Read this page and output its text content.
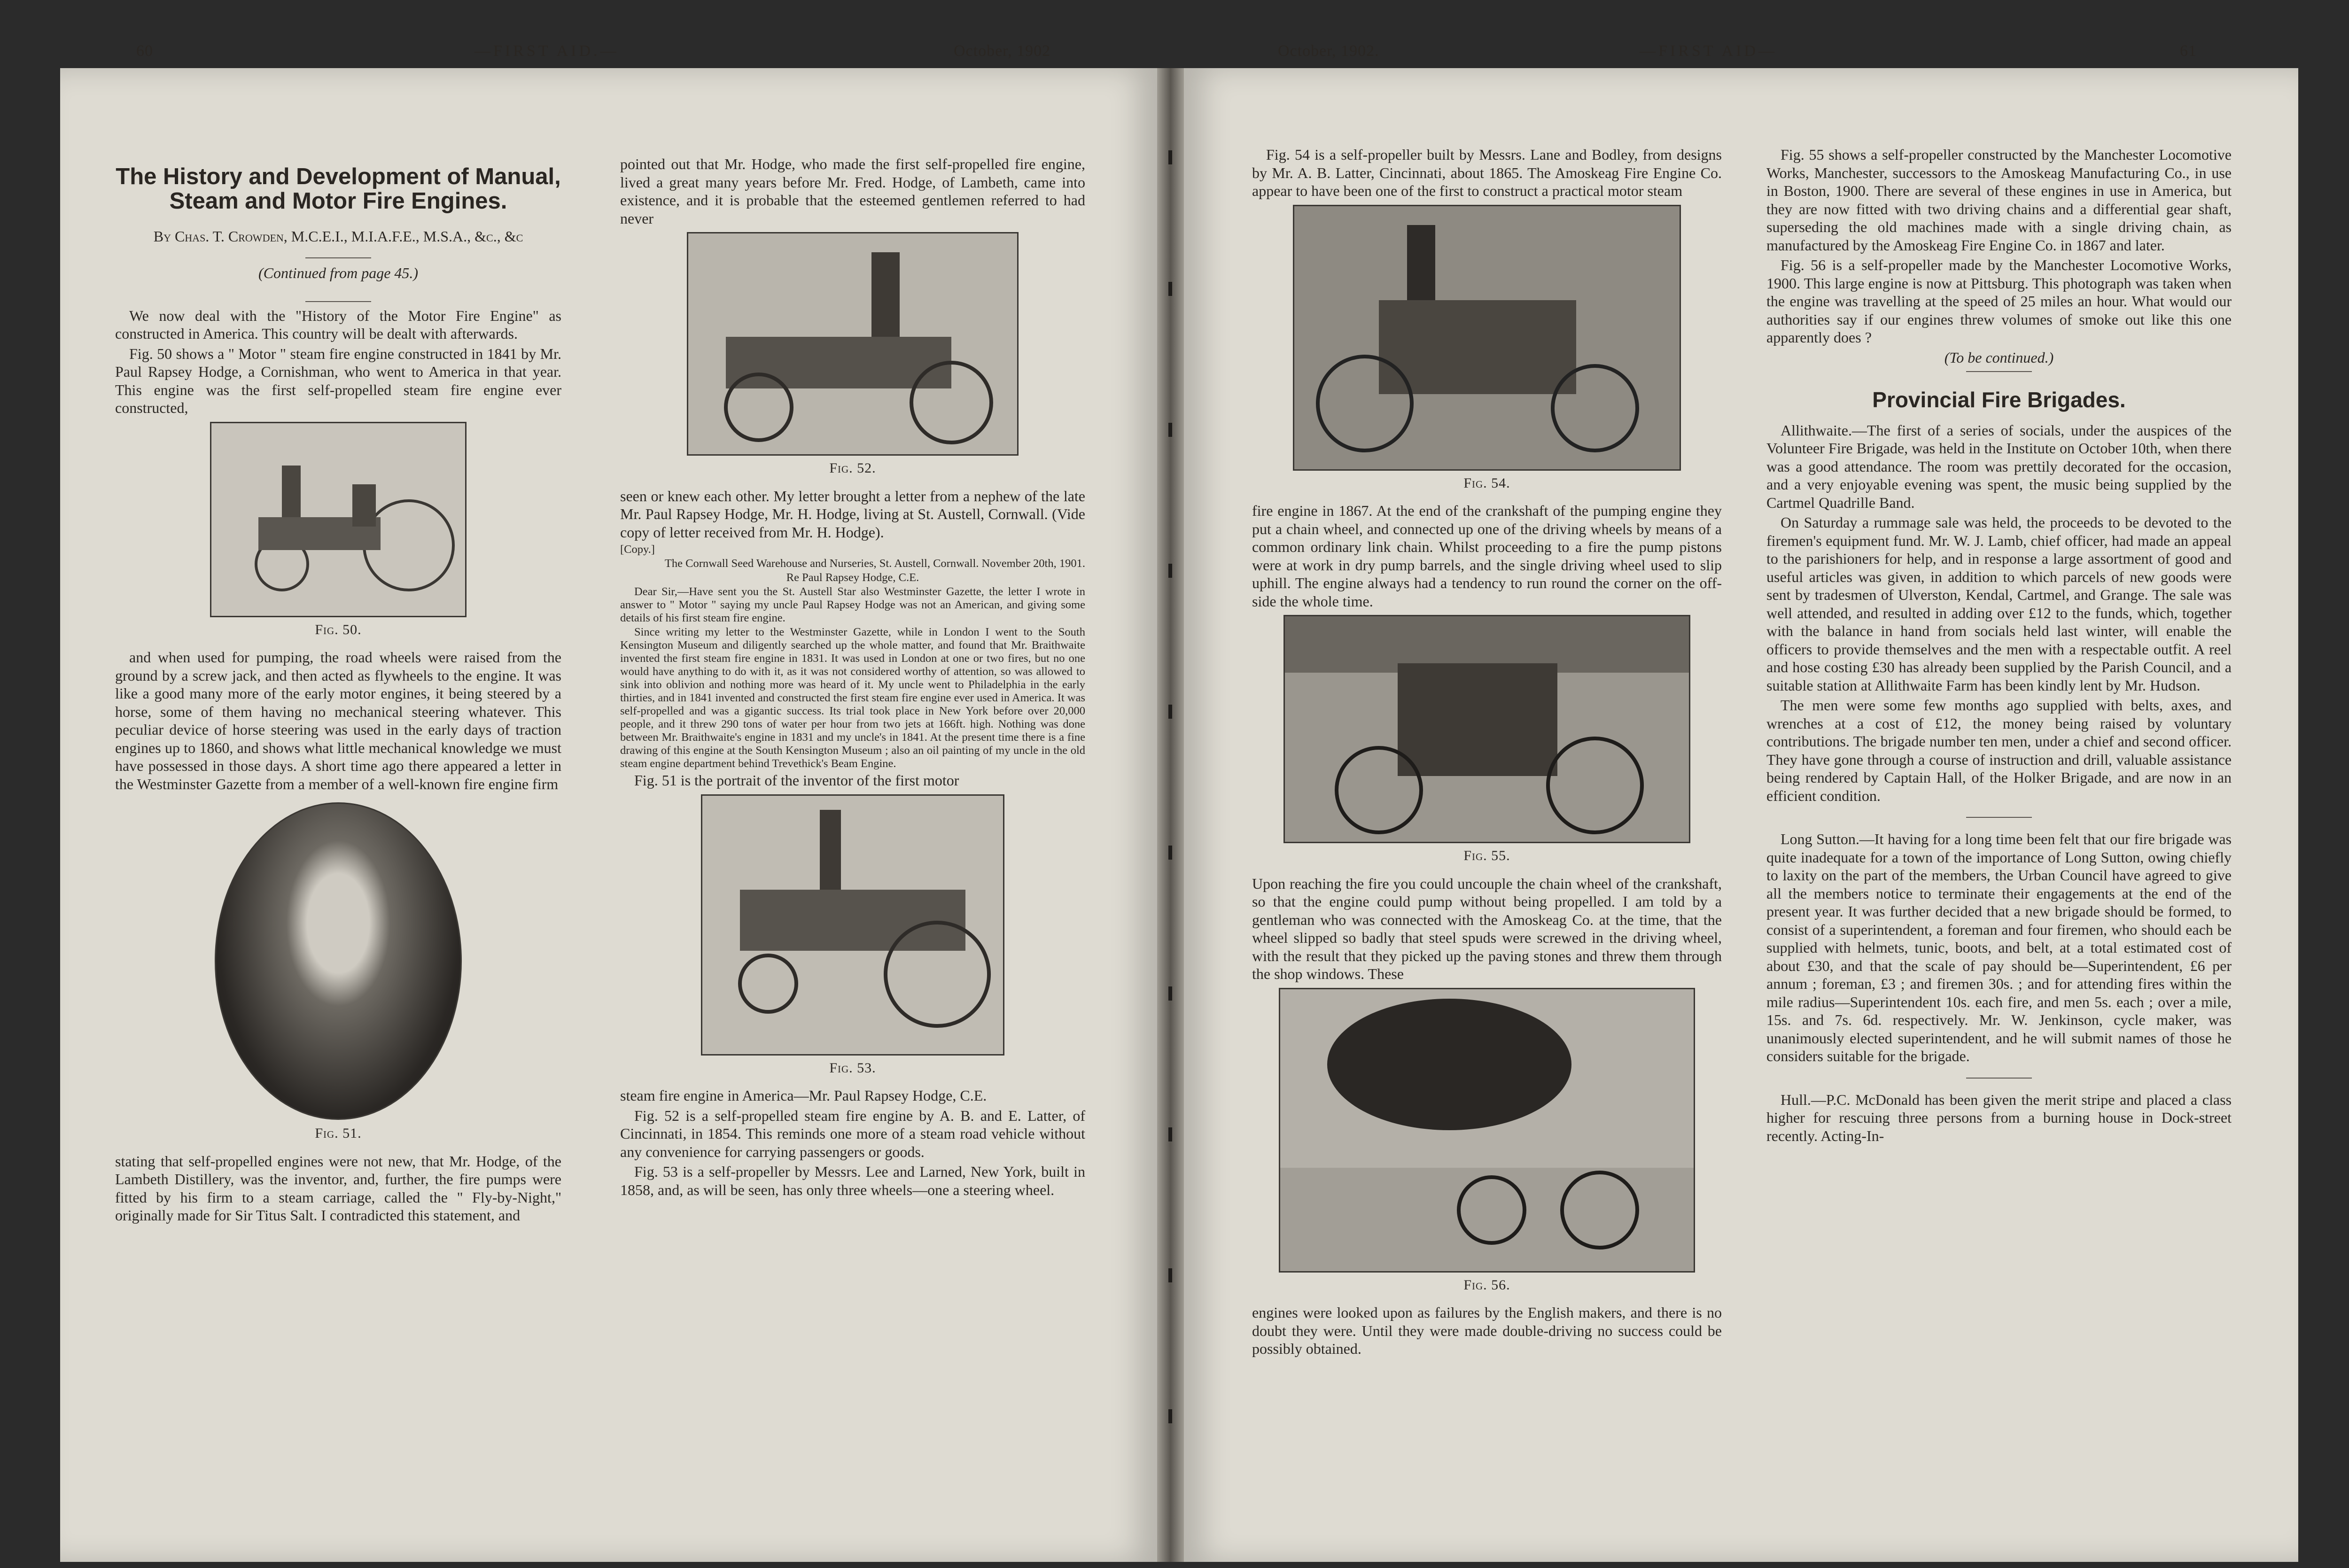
60	—FIRST AID.—	October, 1902	October, 1902.	—FIRST AID—	61
The History and Development of Manual, Steam and Motor Fire Engines.
By Chas. T. Crowden, M.C.E.I., M.I.A.F.E., M.S.A., &c., &c
(Continued from page 45.)

We now deal with the "History of the Motor Fire Engine" as constructed in America. This country will be dealt with afterwards.

Fig. 50 shows a " Motor " steam fire engine constructed in 1841 by Mr. Paul Rapsey Hodge, a Cornishman, who went to America in that year. This engine was the first self-propelled steam fire engine ever constructed,

Fig. 50.

and when used for pumping, the road wheels were raised from the ground by a screw jack, and then acted as flywheels to the engine. It was like a good many more of the early motor engines, it being steered by a horse, some of them having no mechanical steering whatever. This peculiar device of horse steering was used in the early days of traction engines up to 1860, and shows what little mechanical knowledge we must have possessed in those days. A short time ago there appeared a letter in the Westminster Gazette from a member of a well-known fire engine firm

Fig. 51.

stating that self-propelled engines were not new, that Mr. Hodge, of the Lambeth Distillery, was the inventor, and, further, the fire pumps were fitted by his firm to a steam carriage, called the " Fly-by-Night," originally made for Sir Titus Salt. I contradicted this statement, and

pointed out that Mr. Hodge, who made the first self-propelled fire engine, lived a great many years before Mr. Fred. Hodge, of Lambeth, came into existence, and it is probable that the esteemed gentlemen referred to had never

Fig. 52.

seen or knew each other. My letter brought a letter from a nephew of the late Mr. Paul Rapsey Hodge, Mr. H. Hodge, living at St. Austell, Cornwall. (Vide copy of letter received from Mr. H. Hodge).

[Copy.]

The Cornwall Seed Warehouse and Nurseries, St. Austell, Cornwall. November 20th, 1901.

Re Paul Rapsey Hodge, C.E.

Dear Sir,—Have sent you the St. Austell Star also Westminster Gazette, the letter I wrote in answer to " Motor " saying my uncle Paul Rapsey Hodge was not an American, and giving some details of his first steam fire engine.

Since writing my letter to the Westminster Gazette, while in London I went to the South Kensington Museum and diligently searched up the whole matter, and found that Mr. Braithwaite invented the first steam fire engine in 1831. It was used in London at one or two fires, but no one would have anything to do with it, as it was not considered worthy of attention, so was allowed to sink into oblivion and nothing more was heard of it. My uncle went to Philadelphia in the early thirties, and in 1841 invented and constructed the first steam fire engine ever used in America. It was self-propelled and was a gigantic success. Its trial took place in New York before over 20,000 people, and it threw 290 tons of water per hour from two jets at 166ft. high. Nothing was done between Mr. Braithwaite's engine in 1831 and my uncle's in 1841. At the present time there is a fine drawing of this engine at the South Kensington Museum ; also an oil painting of my uncle in the old steam engine department behind Trevethick's Beam Engine.

Fig. 51 is the portrait of the inventor of the first motor

Fig. 53.

steam fire engine in America—Mr. Paul Rapsey Hodge, C.E.

Fig. 52 is a self-propelled steam fire engine by A. B. and E. Latter, of Cincinnati, in 1854. This reminds one more of a steam road vehicle without any convenience for carrying passengers or goods.

Fig. 53 is a self-propeller by Messrs. Lee and Larned, New York, built in 1858, and, as will be seen, has only three wheels—one a steering wheel.

Fig. 54 is a self-propeller built by Messrs. Lane and Bodley, from designs by Mr. A. B. Latter, Cincinnati, about 1865. The Amoskeag Fire Engine Co. appear to have been one of the first to construct a practical motor steam

Fig. 54.

fire engine in 1867. At the end of the crankshaft of the pumping engine they put a chain wheel, and connected up one of the driving wheels by means of a common ordinary link chain. Whilst proceeding to a fire the pump pistons were at work in dry pump barrels, and the single driving wheel used to slip uphill. The engine always had a tendency to run round the corner on the off-side the whole time.

Fig. 55.

Upon reaching the fire you could uncouple the chain wheel of the crankshaft, so that the engine could pump without being propelled. I am told by a gentleman who was connected with the Amoskeag Co. at the time, that the wheel slipped so badly that steel spuds were screwed in the driving wheel, with the result that they picked up the paving stones and threw them through the shop windows. These

Fig. 56.

engines were looked upon as failures by the English makers, and there is no doubt they were. Until they were made double-driving no success could be possibly obtained.

Fig. 55 shows a self-propeller constructed by the Manchester Locomotive Works, Manchester, successors to the Amoskeag Manufacturing Co., in use in Boston, 1900. There are several of these engines in use in America, but they are now fitted with two driving chains and a differential gear shaft, superseding the old machines made with a single driving chain, as manufactured by the Amoskeag Fire Engine Co. in 1867 and later.

Fig. 56 is a self-propeller made by the Manchester Locomotive Works, 1900. This large engine is now at Pittsburg. This photograph was taken when the engine was travelling at the speed of 25 miles an hour. What would our authorities say if our engines threw volumes of smoke out like this one apparently does ?

(To be continued.)
Provincial Fire Brigades.

Allithwaite.—The first of a series of socials, under the auspices of the Volunteer Fire Brigade, was held in the Institute on October 10th, when there was a good attendance. The room was prettily decorated for the occasion, and a very enjoyable evening was spent, the music being supplied by the Cartmel Quadrille Band.

On Saturday a rummage sale was held, the proceeds to be devoted to the firemen's equipment fund. Mr. W. J. Lamb, chief officer, had made an appeal to the parishioners for help, and in response a large assortment of good and useful articles was given, in addition to which parcels of new goods were sent by tradesmen of Ulverston, Kendal, Cartmel, and Grange. The sale was well attended, and resulted in adding over £12 to the funds, which, together with the balance in hand from socials held last winter, will enable the officers to provide themselves and the men with a respectable outfit. A reel and hose costing £30 has already been supplied by the Parish Council, and a suitable station at Allithwaite Farm has been kindly lent by Mr. Hudson.

The men were some few months ago supplied with belts, axes, and wrenches at a cost of £12, the money being raised by voluntary contributions. The brigade number ten men, under a chief and second officer. They have gone through a course of instruction and drill, valuable assistance being rendered by Captain Hall, of the Holker Brigade, and are now in an efficient condition.

Long Sutton.—It having for a long time been felt that our fire brigade was quite inadequate for a town of the importance of Long Sutton, owing chiefly to laxity on the part of the members, the Urban Council have agreed to give all the members notice to terminate their engagements at the end of the present year. It was further decided that a new brigade should be formed, to consist of a superintendent, a foreman and four firemen, who should each be supplied with helmets, tunic, boots, and belt, at a total estimated cost of about £30, and that the scale of pay should be—Superintendent, £6 per annum ; foreman, £3 ; and firemen 30s. ; and for attending fires within the mile radius—Superintendent 10s. each fire, and men 5s. each ; over a mile, 15s. and 7s. 6d. respectively. Mr. W. Jenkinson, cycle maker, was unanimously elected superintendent, and he will submit names of those he considers suitable for the brigade.

Hull.—P.C. McDonald has been given the merit stripe and placed a class higher for rescuing three persons from a burning house in Dock-street recently. Acting-In-
